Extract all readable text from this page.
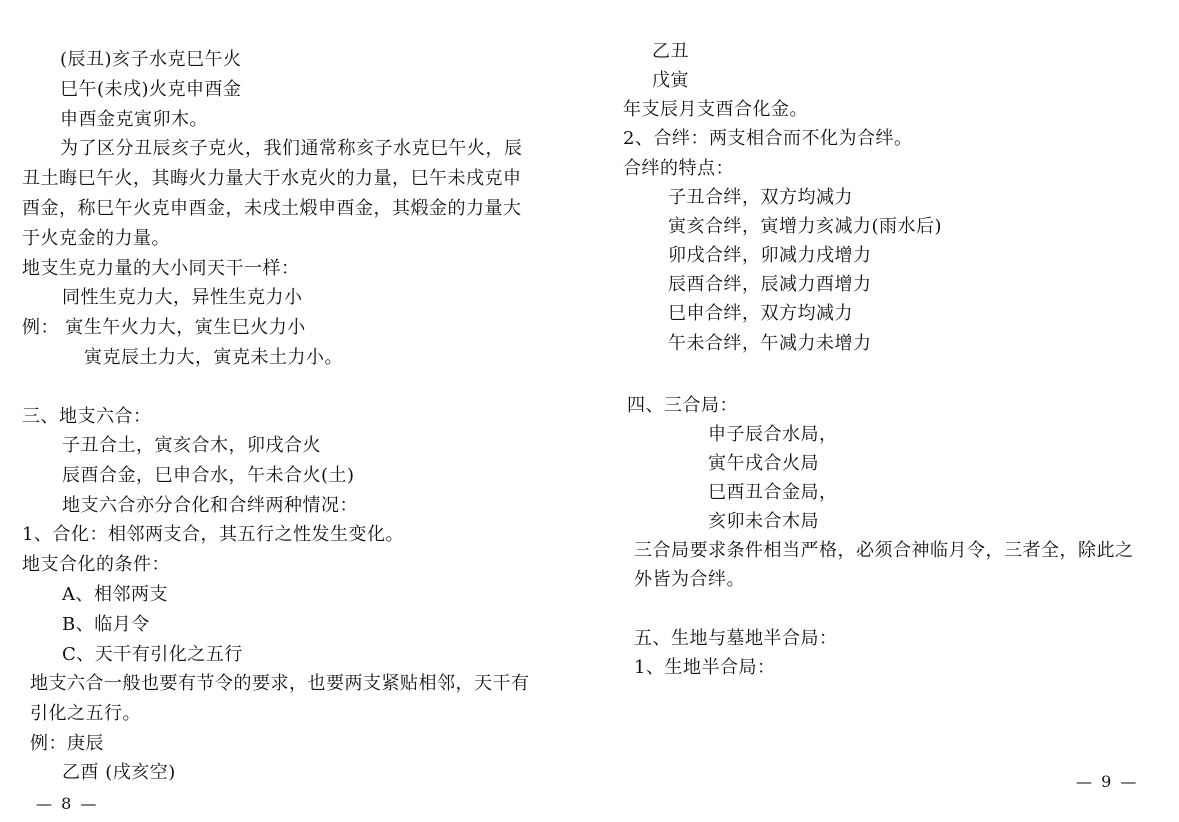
(辰丑)亥子水克巳午火
巳午(未戌)火克申酉金
申酉金克寅卯木。
为了区分丑辰亥子克火，我们通常称亥子水克巳午火，辰
丑土晦巳午火，其晦火力量大于水克火的力量，巳午未戌克申
酉金，称巳午火克申酉金，未戌土煅申酉金，其煅金的力量大
于火克金的力量。
地支生克力量的大小同天干一样：
同性生克力大，异性生克力小
例： 寅生午火力大，寅生巳火力小
寅克辰土力大，寅克未土力小。
三、地支六合：
子丑合土，寅亥合木，卯戌合火
辰酉合金，巳申合水，午未合火(土)
地支六合亦分合化和合绊两种情况：
1、合化：相邻两支合，其五行之性发生变化。
地支合化的条件：
A、相邻两支
B、临月令
C、天干有引化之五行
地支六合一般也要有节令的要求，也要两支紧贴相邻，天干有
引化之五行。
例：庚辰
乙酉 (戌亥空)
— 8 —
乙丑
戊寅
年支辰月支酉合化金。
2、合绊：两支相合而不化为合绊。
合绊的特点：
子丑合绊，双方均减力
寅亥合绊，寅增力亥减力(雨水后)
卯戌合绊，卯减力戌增力
辰酉合绊，辰减力酉增力
巳申合绊，双方均减力
午未合绊，午减力未增力
四、三合局：
申子辰合水局，
寅午戌合火局
巳酉丑合金局，
亥卯未合木局
三合局要求条件相当严格，必须合神临月令，三者全，除此之
外皆为合绊。
五、生地与墓地半合局：
1、生地半合局：
— 9 —
